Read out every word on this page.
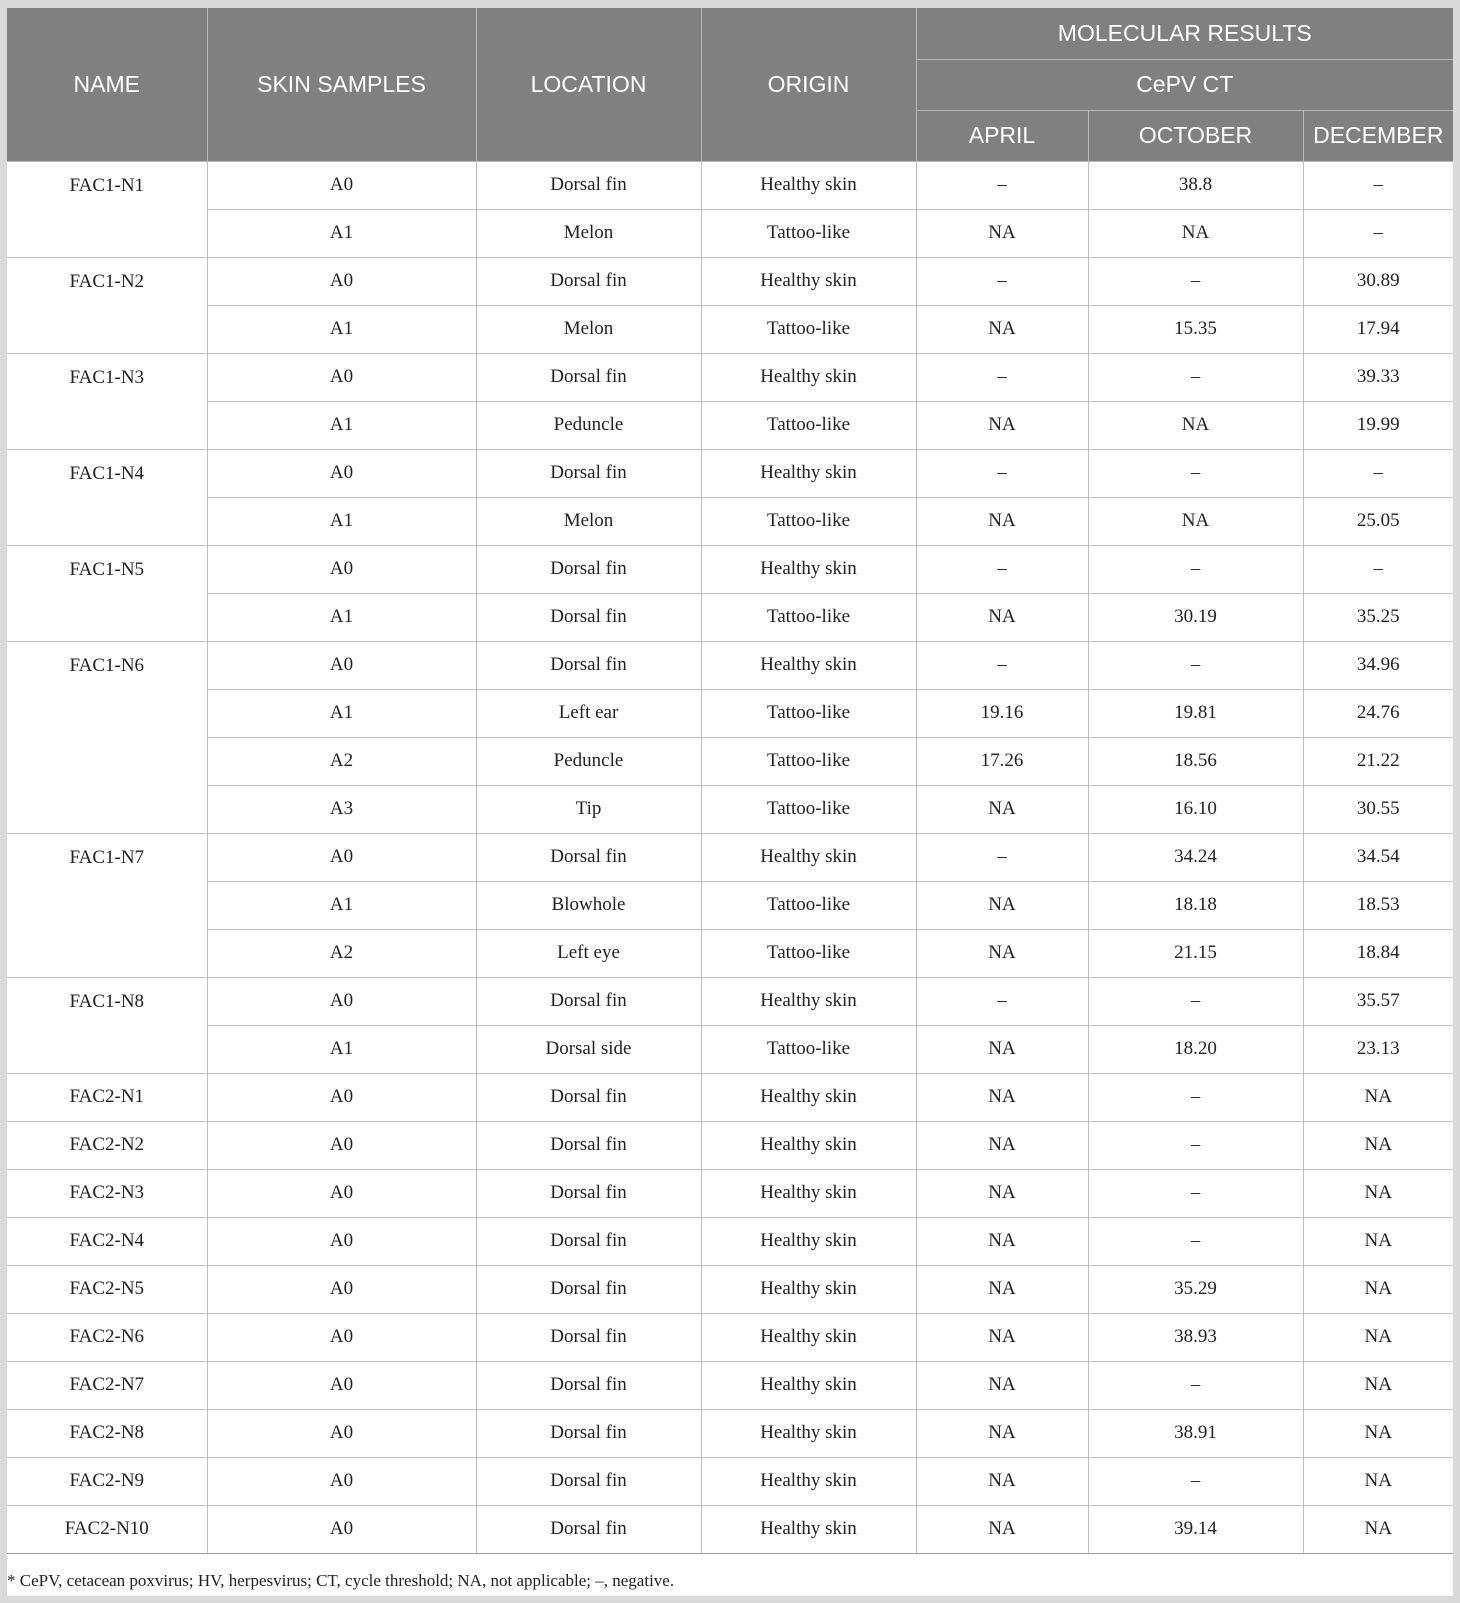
NAME	SKIN SAMPLES	LOCATION	ORIGIN	MOLECULAR RESULTS		
				CePV CT		
				APRIL	OCTOBER	DECEMBER
FAC1-N1	A0	Dorsal fin	Healthy skin	–	38.8	–
	A1	Melon	Tattoo-like	NA	NA	–
FAC1-N2	A0	Dorsal fin	Healthy skin	–	–	30.89
	A1	Melon	Tattoo-like	NA	15.35	17.94
FAC1-N3	A0	Dorsal fin	Healthy skin	–	–	39.33
	A1	Peduncle	Tattoo-like	NA	NA	19.99
FAC1-N4	A0	Dorsal fin	Healthy skin	–	–	–
	A1	Melon	Tattoo-like	NA	NA	25.05
FAC1-N5	A0	Dorsal fin	Healthy skin	–	–	–
	A1	Dorsal fin	Tattoo-like	NA	30.19	35.25
FAC1-N6	A0	Dorsal fin	Healthy skin	–	–	34.96
	A1	Left ear	Tattoo-like	19.16	19.81	24.76
	A2	Peduncle	Tattoo-like	17.26	18.56	21.22
	A3	Tip	Tattoo-like	NA	16.10	30.55
FAC1-N7	A0	Dorsal fin	Healthy skin	–	34.24	34.54
	A1	Blowhole	Tattoo-like	NA	18.18	18.53
	A2	Left eye	Tattoo-like	NA	21.15	18.84
FAC1-N8	A0	Dorsal fin	Healthy skin	–	–	35.57
	A1	Dorsal side	Tattoo-like	NA	18.20	23.13
FAC2-N1	A0	Dorsal fin	Healthy skin	NA	–	NA
FAC2-N2	A0	Dorsal fin	Healthy skin	NA	–	NA
FAC2-N3	A0	Dorsal fin	Healthy skin	NA	–	NA
FAC2-N4	A0	Dorsal fin	Healthy skin	NA	–	NA
FAC2-N5	A0	Dorsal fin	Healthy skin	NA	35.29	NA
FAC2-N6	A0	Dorsal fin	Healthy skin	NA	38.93	NA
FAC2-N7	A0	Dorsal fin	Healthy skin	NA	–	NA
FAC2-N8	A0	Dorsal fin	Healthy skin	NA	38.91	NA
FAC2-N9	A0	Dorsal fin	Healthy skin	NA	–	NA
FAC2-N10	A0	Dorsal fin	Healthy skin	NA	39.14	NA
* CePV, cetacean poxvirus; HV, herpesvirus; CT, cycle threshold; NA, not applicable; –, negative.
